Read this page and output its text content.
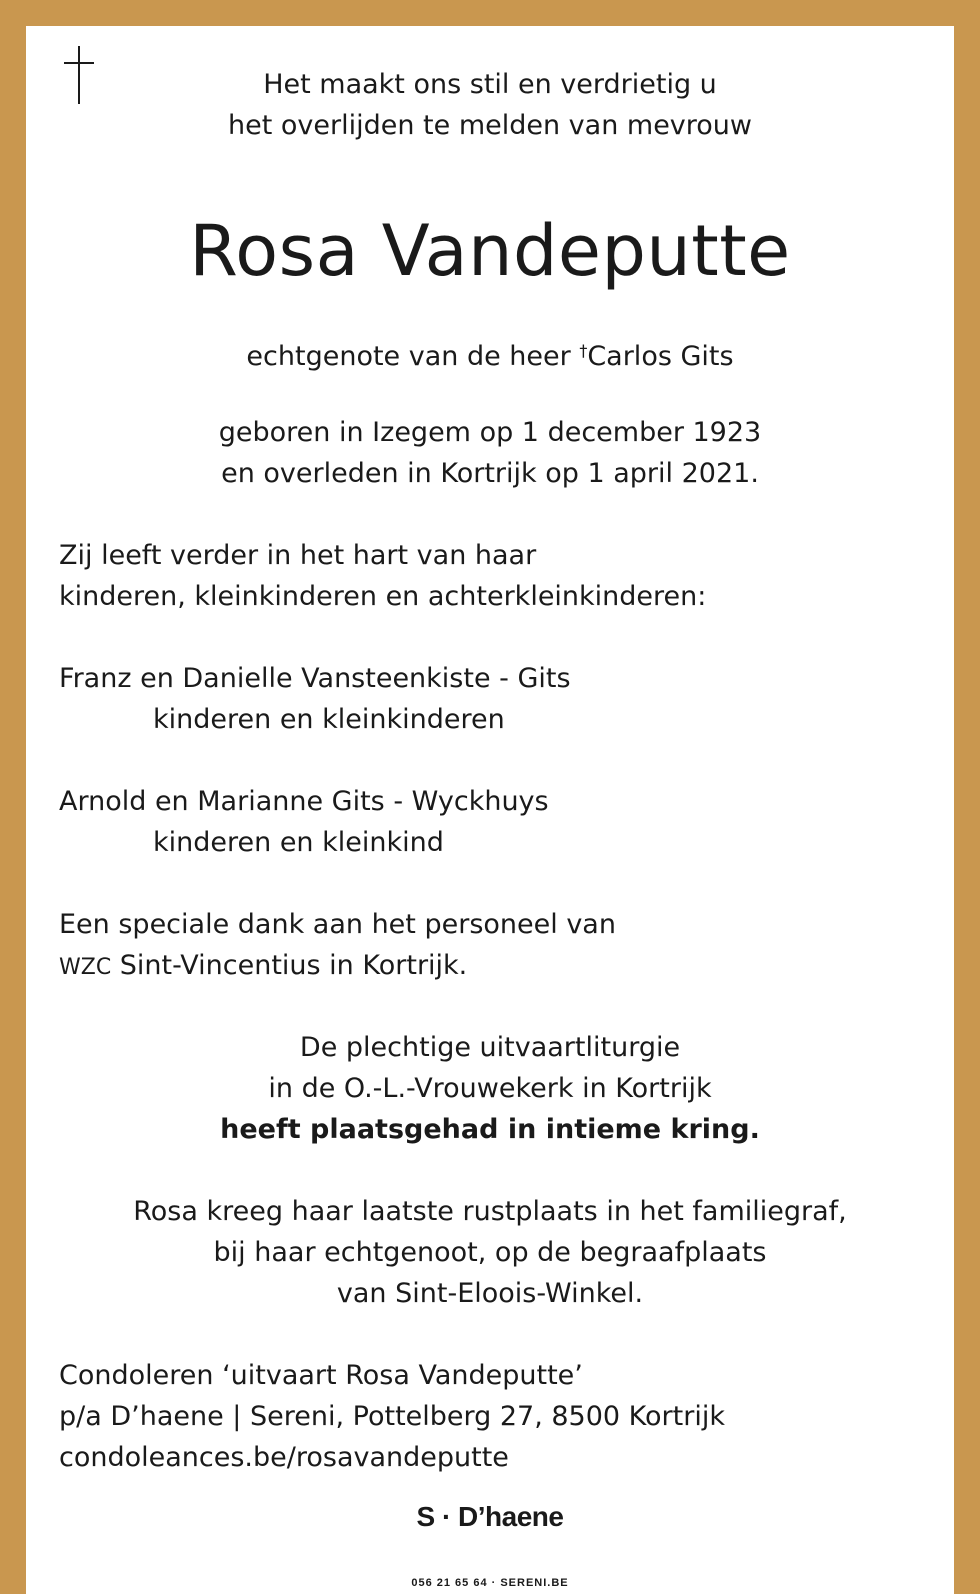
Het maakt ons stil en verdrietig u
het overlijden te melden van mevrouw
Rosa Vandeputte
echtgenote van de heer †Carlos Gits
geboren in Izegem op 1 december 1923
en overleden in Kortrijk op 1 april 2021.
Zij leeft verder in het hart van haar
kinderen, kleinkinderen en achterkleinkinderen:
Franz en Danielle Vansteenkiste - Gits
kinderen en kleinkinderen
Arnold en Marianne Gits - Wyckhuys
kinderen en kleinkind
Een speciale dank aan het personeel van
WZC Sint-Vincentius in Kortrijk.
De plechtige uitvaartliturgie
in de O.-L.-Vrouwekerk in Kortrijk
heeft plaatsgehad in intieme kring.
Rosa kreeg haar laatste rustplaats in het familiegraf,
bij haar echtgenoot, op de begraafplaats
van Sint-Eloois-Winkel.
Condoleren ‘uitvaart Rosa Vandeputte’
p/a D’haene | Sereni, Pottelberg 27, 8500 Kortrijk
condoleances.be/rosavandeputte
S · D’haene
056 21 65 64 · SERENI.BE
